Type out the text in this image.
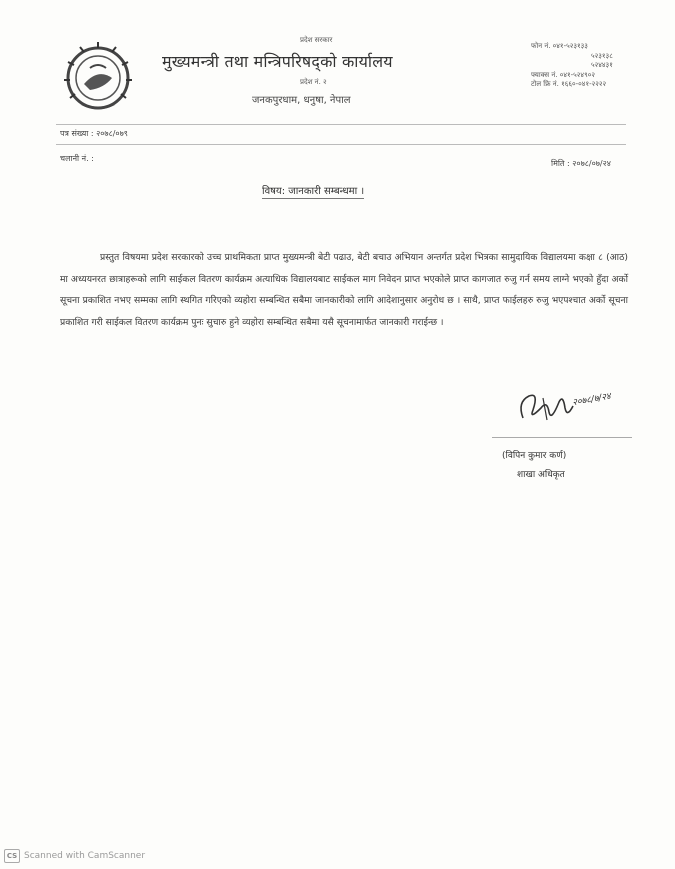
प्रदेश सरकार
मुख्यमन्त्री तथा मन्त्रिपरिषद्को कार्यालय
प्रदेश नं. २
जनकपुरधाम, धनुषा, नेपाल
फोन नं. ०४१-५२३१३३
५२३१३८
५२४४३१
फ्याक्स नं. ०४१-५२४९०२
टोल फ्रि नं. १६६०-०४१-२२२२
पत्र संख्या : २०७८/०७९
चलानी नं. :
मिति : २०७८/०७/२४
विषय: जानकारी सम्बन्धमा ।

प्रस्तुत विषयमा प्रदेश सरकारको उच्च प्राथमिकता प्राप्त मुख्यमन्त्री बेटी पढाउ, बेटी बचाउ अभियान अन्तर्गत प्रदेश भित्रका सामुदायिक विद्यालयमा कक्षा ८ (आठ) मा अध्ययनरत छात्राहरूको लागि साईकल वितरण कार्यक्रम अत्याधिक विद्यालयबाट साईकल माग निवेदन प्राप्त भएकोले प्राप्त कागजात रुजु गर्न समय लाग्ने भएको हुँदा अर्को सूचना प्रकाशित नभए सम्मका लागि स्थगित गरिएको व्यहोरा सम्बन्धित सबैमा जानकारीको लागि आदेशानुसार अनुरोध छ । साथै, प्राप्त फाईलहरु रुजु भएपश्चात अर्को सूचना प्रकाशित गरी साईकल वितरण कार्यक्रम पुनः सुचारु हुने व्यहोरा सम्बन्धित सबैमा यसै सूचनामार्फत जानकारी गराईन्छ ।

२०७८/७/२४
(विपिन कुमार कर्ण)
शाखा अधिकृत
CS Scanned with CamScanner
